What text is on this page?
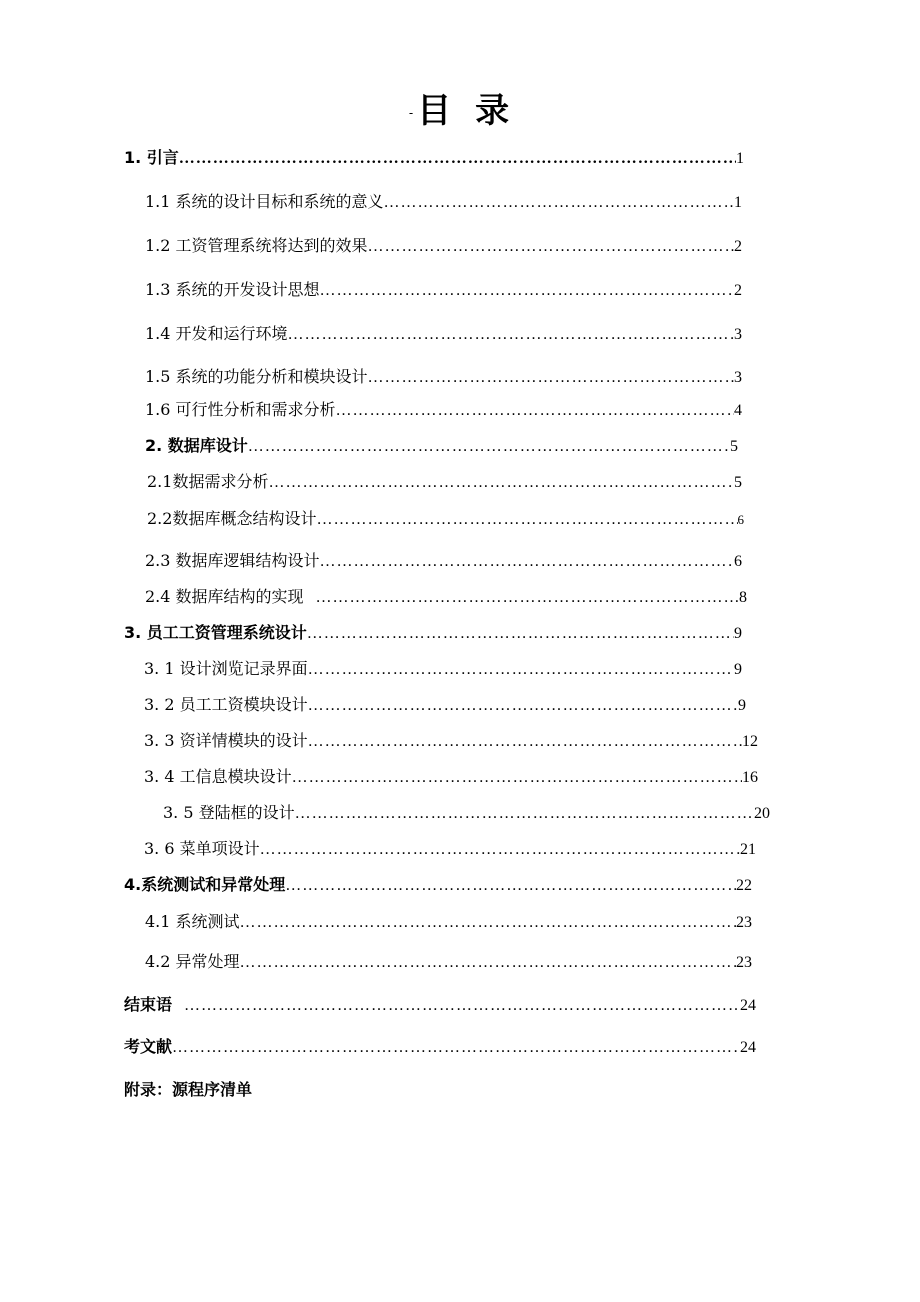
-目 录
1. 引言 ………………………………………………………………………………………………………………………………………………………………	1
1.1 系统的设计目标和系统的意义 ………………………………………………………………………………………………………………………………………………………………	1
1.2 工资管理系统将达到的效果 ………………………………………………………………………………………………………………………………………………………………	2
1.3 系统的开发设计思想 ………………………………………………………………………………………………………………………………………………………………	2
1.4 开发和运行环境 ………………………………………………………………………………………………………………………………………………………………	3
1.5 系统的功能分析和模块设计 ………………………………………………………………………………………………………………………………………………………………	3
1.6 可行性分析和需求分析 ………………………………………………………………………………………………………………………………………………………………	4
2. 数据库设计 ………………………………………………………………………………………………………………………………………………………………	5
2.1数据需求分析 ………………………………………………………………………………………………………………………………………………………………	5
2.2数据库概念结构设计 ………………………………………………………………………………………………………………………………………………………………	6
2.3 数据库逻辑结构设计 ………………………………………………………………………………………………………………………………………………………………	6
2.4 数据库结构的实现 ………………………………………………………………………………………………………………………………………………………………	8
3. 员工工资管理系统设计 ………………………………………………………………………………………………………………………………………………………………	9
3. 1 设计浏览记录界面 ………………………………………………………………………………………………………………………………………………………………	9
3. 2 员工工资模块设计 ………………………………………………………………………………………………………………………………………………………………	9
3. 3 资详情模块的设计 ………………………………………………………………………………………………………………………………………………………………	12
3. 4 工信息模块设计 ………………………………………………………………………………………………………………………………………………………………	16
3. 5 登陆框的设计 ………………………………………………………………………………………………………………………………………………………………	20
3. 6 菜单项设计 ………………………………………………………………………………………………………………………………………………………………	21
4.系统测试和异常处理 ………………………………………………………………………………………………………………………………………………………………	22
4.1 系统测试 ………………………………………………………………………………………………………………………………………………………………	23
4.2 异常处理 ………………………………………………………………………………………………………………………………………………………………	23
结束语 ………………………………………………………………………………………………………………………………………………………………	24
考文献 ………………………………………………………………………………………………………………………………………………………………	24
附录：源程序清单
